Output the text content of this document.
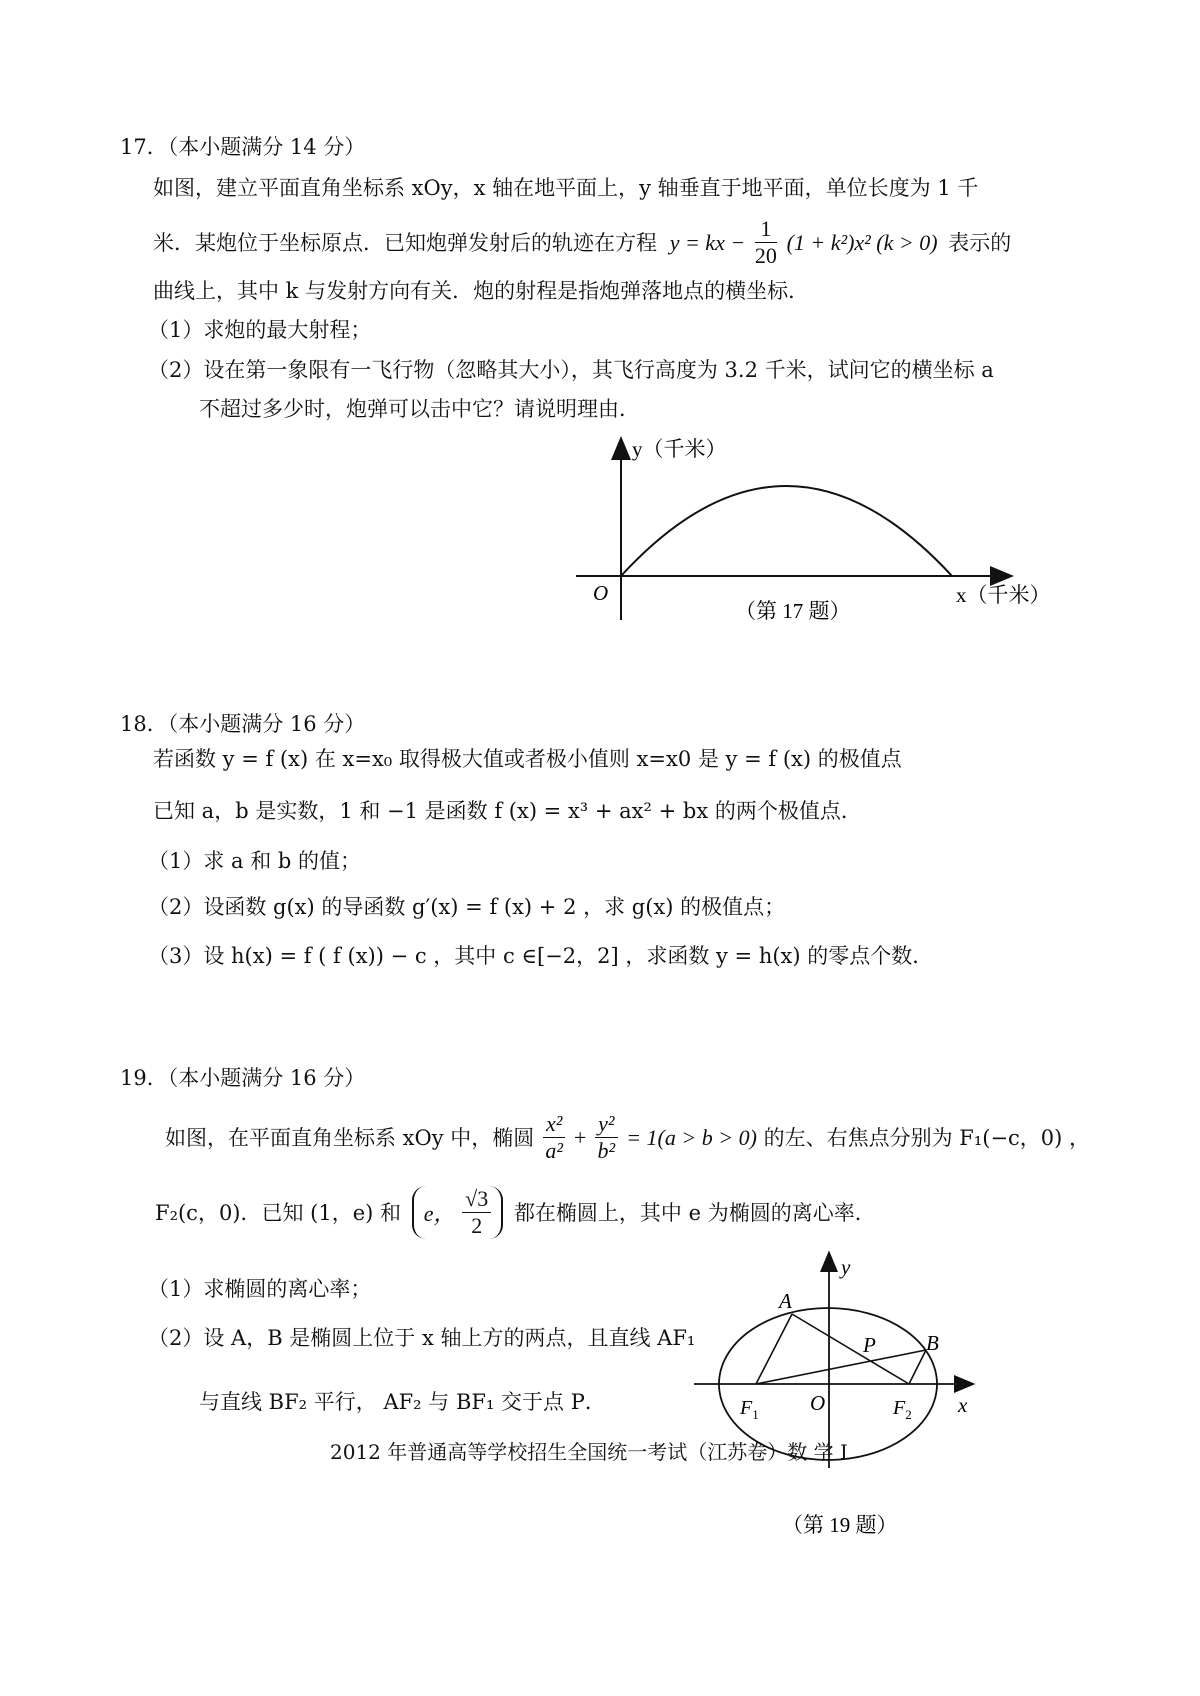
17．（本小题满分 14 分）
如图，建立平面直角坐标系 xOy，x 轴在地平面上，y 轴垂直于地平面，单位长度为 1 千
米．某炮位于坐标原点．已知炮弹发射后的轨迹在方程 y = kx − $\frac{1}{20} (1 + k^2)x^2$ (k > 0) 表示的
曲线上，其中 k 与发射方向有关．炮的射程是指炮弹落地点的横坐标．
（1）求炮的最大射程；
（2）设在第一象限有一飞行物（忽略其大小），其飞行高度为 3.2 千米，试问它的横坐标 a
不超过多少时，炮弹可以击中它？请说明理由．
y（千米）
O	x（千米）
（第 17 题）
18．（本小题满分 16 分）
若函数 y = f (x) 在 x=x₀ 取得极大值或者极小值则 x=x0 是 y = f (x) 的极值点
已知 a，b 是实数，1 和 −1 是函数 f (x) = x³ + ax² + bx 的两个极值点．
（1）求 a 和 b 的值；
（2）设函数 g(x) 的导函数 g′(x) = f (x) + 2 ，求 g(x) 的极值点；
（3）设 h(x) = f ( f (x)) − c ，其中 c ∈[−2，2] ，求函数 y = h(x) 的零点个数．
19．（本小题满分 16 分）
如图，在平面直角坐标系 xOy 中，椭圆 $\frac{\text{x²}}{\text{a²}} + \frac{\text{y²}}{\text{b²}} = 1(a > b > 0)$ 的左、右焦点分别为 F₁(−c，0) ，
F₂(c，0)．已知 (1，e) 和 e， $\frac{√3}{2}$ 都在椭圆上，其中 e 为椭圆的离心率．
（1）求椭圆的离心率；
（2）设 A，B 是椭圆上位于 x 轴上方的两点，且直线 AF₁
与直线 BF₂ 平行， AF₂ 与 BF₁ 交于点 P．
y
x
O
A
B
P
$F_1$	$F_2$
（第 19 题）
2012 年普通高等学校招生全国统一考试（江苏卷）数 学 I
